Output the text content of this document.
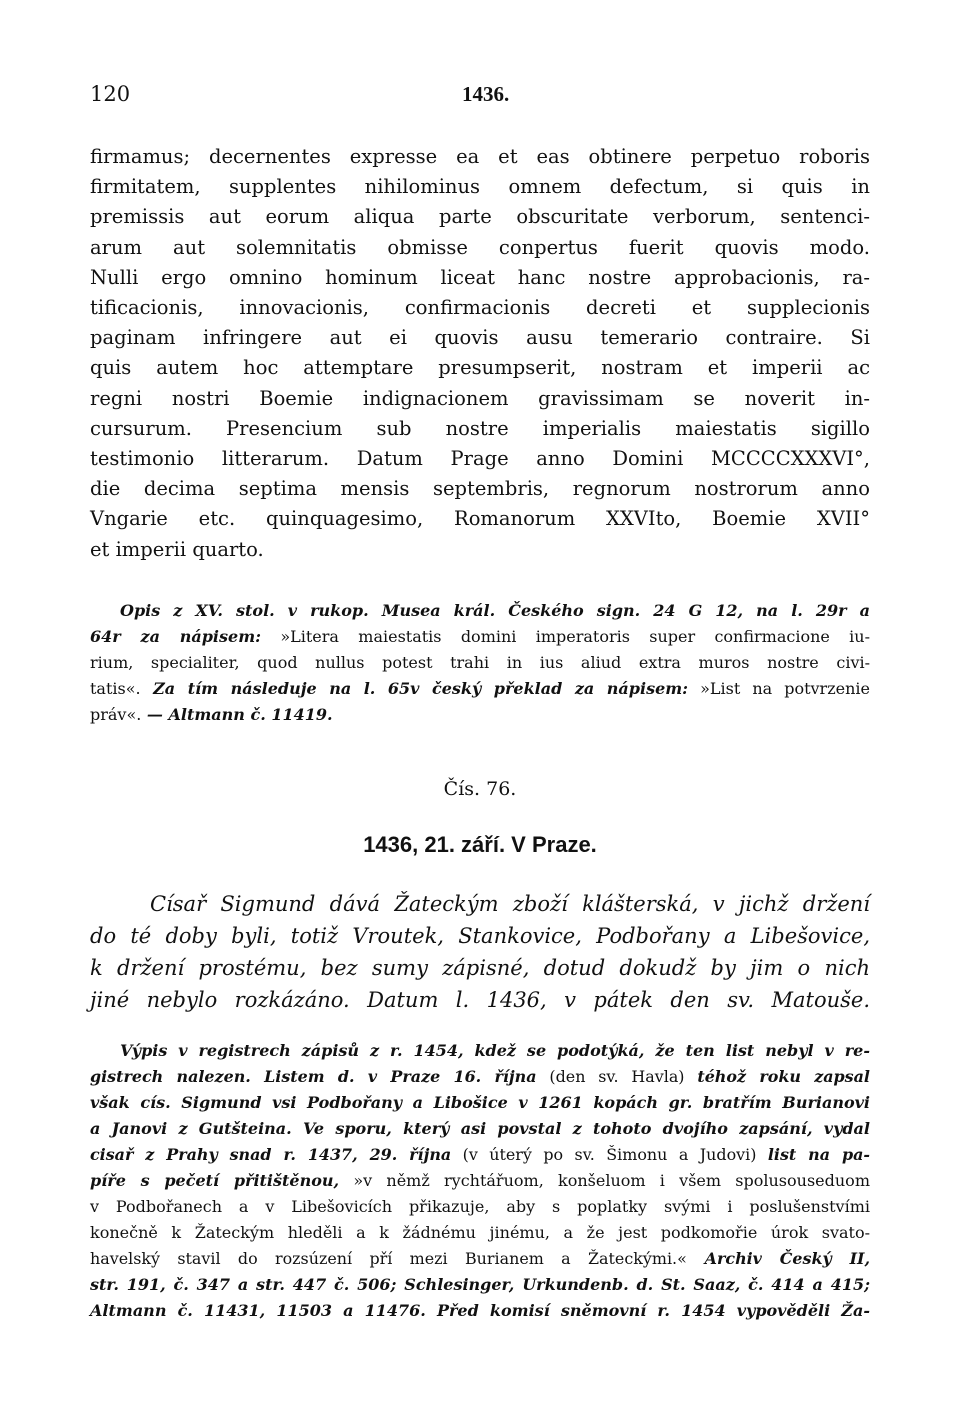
120	1436.
firmamus; decernentes expresse ea et eas obtinere perpetuo roboris
firmitatem, supplentes nihilominus omnem defectum, si quis in
premissis aut eorum aliqua parte obscuritate verborum, sentenci-
arum aut solemnitatis obmisse conpertus fuerit quovis modo.
Nulli ergo omnino hominum liceat hanc nostre approbacionis, ra-
tificacionis, innovacionis, confirmacionis decreti et supplecionis
paginam infringere aut ei quovis ausu temerario contraire. Si
quis autem hoc attemptare presumpserit, nostram et imperii ac
regni nostri Boemie indignacionem gravissimam se noverit in-
cursurum. Presencium sub nostre imperialis maiestatis sigillo
testimonio litterarum. Datum Prage anno Domini MCCCCXXXVI°,
die decima septima mensis septembris, regnorum nostrorum anno
Vngarie etc. quinquagesimo, Romanorum XXVIto, Boemie XVII°
et imperii quarto.
Opis z XV. stol. v rukop. Musea král. Českého sign. 24 G 12, na l. 29r a
64r za nápisem: »Litera maiestatis domini imperatoris super confirmacione iu-
rium, specialiter, quod nullus potest trahi in ius aliud extra muros nostre civi-
tatis«. Za tím následuje na l. 65v český překlad za nápisem: »List na potvrzenie
práv«. — Altmann č. 11419.
Čís. 76.
1436, 21. září. V Praze.
Císař Sigmund dává Žateckým zboží klášterská, v jichž držení
do té doby byli, totiž Vroutek, Stankovice, Podbořany a Libešovice,
k držení prostému, bez sumy zápisné, dotud dokudž by jim o nich
jiné nebylo rozkázáno. Datum l. 1436, v pátek den sv. Matouše.
Výpis v registrech zápisů z r. 1454, kdež se podotýká, že ten list nebyl v re-
gistrech nalezen. Listem d. v Praze 16. října (den sv. Havla) téhož roku zapsal
však cís. Sigmund vsi Podbořany a Libošice v 1261 kopách gr. bratřím Burianovi
a Janovi z Gutšteina. Ve sporu, který asi povstal z tohoto dvojího zapsání, vydal
cisař z Prahy snad r. 1437, 29. října (v úterý po sv. Šimonu a Judovi) list na pa-
píře s pečetí přitištěnou, »v němž rychtářuom, konšeluom i všem spolusouseduom
v Podbořanech a v Libešovicích přikazuje, aby s poplatky svými i poslušenstvími
konečně k Žateckým hleděli a k žádnému jinému, a že jest podkomořie úrok svato-
havelský stavil do rozsúzení pří mezi Burianem a Žateckými.« Archiv Český II,
str. 191, č. 347 a str. 447 č. 506; Schlesinger, Urkundenb. d. St. Saaz, č. 414 a 415;
Altmann č. 11431, 11503 a 11476. Před komisí sněmovní r. 1454 vypověděli Ža-
